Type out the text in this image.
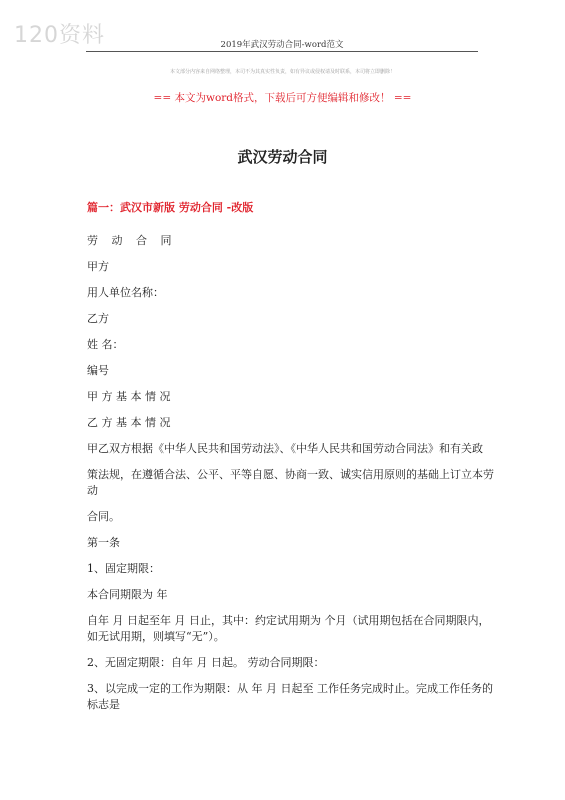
120资料	2019年武汉劳动合同-word范文
本文部分内容来自网络整理，本司不为其真实性负责，如有异议或侵权请及时联系，本司将立即删除！
== 本文为word格式，下载后可方便编辑和修改！ ==
武汉劳动合同

篇一：武汉市新版 劳动合同 -改版

劳 动 合 同

甲方

用人单位名称：

乙方

姓 名：

编号

甲 方 基 本 情 况

乙 方 基 本 情 况

甲乙双方根据《中华人民共和国劳动法》、《中华人民共和国劳动合同法》和有关政

策法规，在遵循合法、公平、平等自愿、协商一致、诚实信用原则的基础上订立本劳动

合同。

第一条

1、固定期限：

本合同期限为 年

自年 月 日起至年 月 日止，其中：约定试用期为 个月（试用期包括在合同期限内，如无试用期，则填写“无”）。

2、无固定期限：自年 月 日起。 劳动合同期限：

3、以完成一定的工作为期限：从 年 月 日起至 工作任务完成时止。完成工作任务的标志是
